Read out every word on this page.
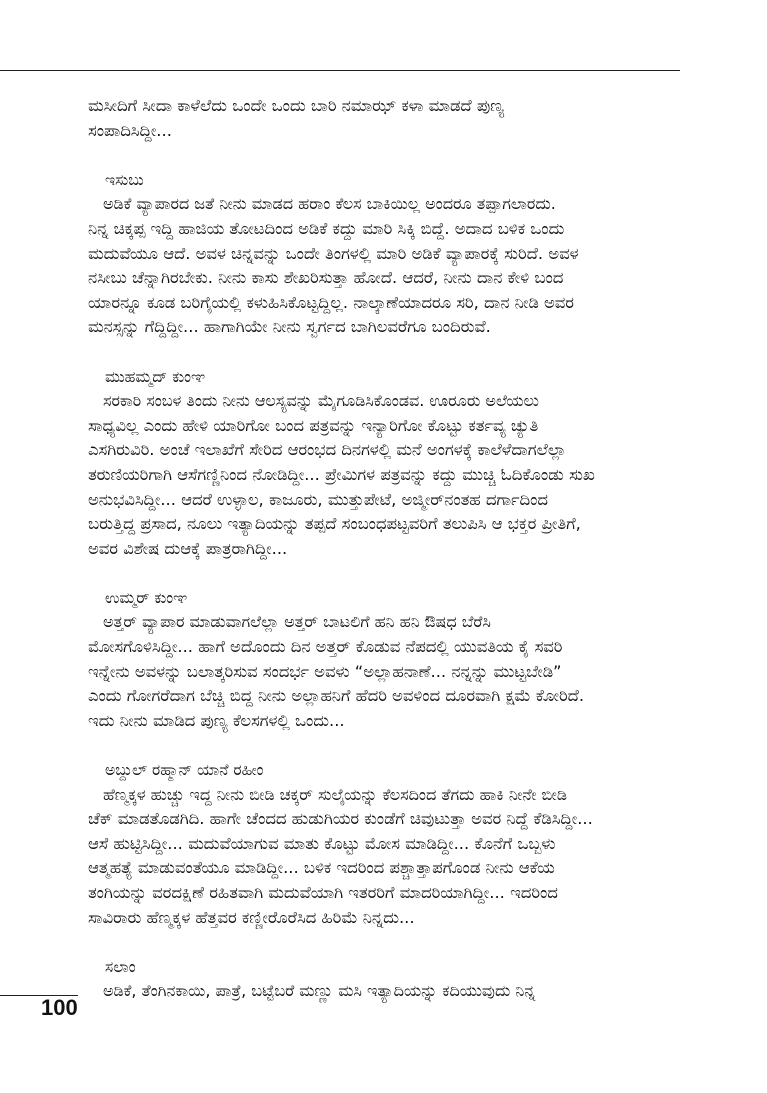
ಮಸೀದಿಗೆ ಸೀದಾ ಕಾಳೆಲೆದು ಒಂದೇ ಒಂದು ಬಾರಿ ನಮಾಝ್ ಕಳಾ ಮಾಡದೆ ಪುಣ್ಯ
ಸಂಪಾದಿಸಿದ್ದೀ...
ಇಸುಬು
ಅಡಿಕೆ ವ್ಯಾಪಾರದ ಜತೆ ನೀನು ಮಾಡದ ಹರಾಂ ಕೆಲಸ ಬಾಕಿಯಿಲ್ಲ ಅಂದರೂ ತಪ್ಪಾಗಲಾರದು.
ನಿನ್ನ ಚಿಕ್ಕಪ್ಪ ಇದ್ದಿ ಹಾಜಿಯ ತೋಟದಿಂದ ಅಡಿಕೆ ಕದ್ದು ಮಾರಿ ಸಿಕ್ಕಿ ಬಿದ್ದೆ. ಅದಾದ ಬಳಿಕ ಒಂದು
ಮದುವೆಯೂ ಆದೆ. ಅವಳ ಚಿನ್ನವನ್ನು ಒಂದೇ ತಿಂಗಳಲ್ಲಿ ಮಾರಿ ಅಡಿಕೆ ವ್ಯಾಪಾರಕ್ಕೆ ಸುರಿದೆ. ಅವಳ
ನಸೀಬು ಚೆನ್ನಾಗಿರಬೇಕು. ನೀನು ಕಾಸು ಶೇಖರಿಸುತ್ತಾ ಹೋದೆ. ಆದರೆ, ನೀನು ದಾನ ಕೇಳಿ ಬಂದ
ಯಾರನ್ನೂ ಕೂಡ ಬರಿಗೈಯಲ್ಲಿ ಕಳುಹಿಸಿಕೊಟ್ಟದ್ದಿಲ್ಲ. ನಾಲ್ಕಾಣೆಯಾದರೂ ಸರಿ, ದಾನ ನೀಡಿ ಅವರ
ಮನಸ್ಸನ್ನು ಗೆದ್ದಿದ್ದೀ... ಹಾಗಾಗಿಯೇ ನೀನು ಸ್ವರ್ಗದ ಬಾಗಿಲವರೆಗೂ ಬಂದಿರುವೆ.
ಮುಹಮ್ಮದ್ ಕುಂಞ
ಸರಕಾರಿ ಸಂಬಳ ತಿಂದು ನೀನು ಆಲಸ್ಯವನ್ನು ಮೈಗೂಡಿಸಿಕೊಂಡವ. ಊರೂರು ಅಲೆಯಲು
ಸಾಧ್ಯವಿಲ್ಲ ಎಂದು ಹೇಳಿ ಯಾರಿಗೋ ಬಂದ ಪತ್ರವನ್ನು ಇನ್ಯಾರಿಗೋ ಕೊಟ್ಟು ಕರ್ತವ್ಯ ಚ್ಯುತಿ
ಎಸಗಿರುವಿರಿ. ಅಂಚೆ ಇಲಾಖೆಗೆ ಸೇರಿದ ಆರಂಭದ ದಿನಗಳಲ್ಲಿ ಮನೆ ಅಂಗಳಕ್ಕೆ ಕಾಲೆಳೆದಾಗಲೆಲ್ಲಾ
ತರುಣಿಯರಿಗಾಗಿ ಆಸೆಗಣ್ಣಿನಿಂದ ನೋಡಿದ್ದೀ... ಪ್ರೇಮಿಗಳ ಪತ್ರವನ್ನು ಕದ್ದು ಮುಚ್ಚಿ ಓದಿಕೊಂಡು ಸುಖ
ಅನುಭವಿಸಿದ್ದೀ... ಆದರೆ ಉಳ್ಳಾಲ, ಕಾಜೂರು, ಮುತ್ತುಪೇಟೆ, ಅಜ್ಮೀರ್‌ನಂತಹ ದರ್ಗಾದಿಂದ
ಬರುತ್ತಿದ್ದ ಪ್ರಸಾದ, ನೂಲು ಇತ್ಯಾದಿಯನ್ನು ತಪ್ಪದೆ ಸಂಬಂಧಪಟ್ಟವರಿಗೆ ತಲುಪಿಸಿ ಆ ಭಕ್ತರ ಪ್ರೀತಿಗೆ,
ಅವರ ವಿಶೇಷ ದುಆಕ್ಕೆ ಪಾತ್ರರಾಗಿದ್ದೀ...
ಉಮ್ಮರ್ ಕುಂಞ
ಅತ್ತರ್ ವ್ಯಾಪಾರ ಮಾಡುವಾಗಲೆಲ್ಲಾ ಅತ್ತರ್ ಬಾಟಲಿಗೆ ಹನಿ ಹನಿ ಔಷಧ ಬೆರೆಸಿ
ಮೋಸಗೊಳಿಸಿದ್ದೀ... ಹಾಗೆ ಅದೊಂದು ದಿನ ಅತ್ತರ್ ಕೊಡುವ ನೆಪದಲ್ಲಿ ಯುವತಿಯ ಕೈ ಸವರಿ
ಇನ್ನೇನು ಅವಳನ್ನು ಬಲಾತ್ಕರಿಸುವ ಸಂದರ್ಭ ಅವಳು “ಅಲ್ಲಾಹನಾಣೆ... ನನ್ನನ್ನು ಮುಟ್ಟಬೇಡಿ”
ಎಂದು ಗೋಗರೆದಾಗ ಬೆಚ್ಚಿ ಬಿದ್ದ ನೀನು ಅಲ್ಲಾಹನಿಗೆ ಹೆದರಿ ಅವಳಿಂದ ದೂರವಾಗಿ ಕ್ಷಮೆ ಕೋರಿದೆ.
ಇದು ನೀನು ಮಾಡಿದ ಪುಣ್ಯ ಕೆಲಸಗಳಲ್ಲಿ ಒಂದು...
ಅಬ್ದುಲ್ ರಹ್ಮಾನ್ ಯಾನೆ ರಹೀಂ
ಹೆಣ್ಮಕ್ಕಳ ಹುಚ್ಚು ಇದ್ದ ನೀನು ಬೀಡಿ ಚಕ್ಕರ್ ಸುಲೈಯನ್ನು ಕೆಲಸದಿಂದ ತೆಗದು ಹಾಕಿ ನೀನೇ ಬೀಡಿ
ಚೆಕ್ ಮಾಡತೊಡಗಿದಿ. ಹಾಗೇ ಚೆಂದದ ಹುಡುಗಿಯರ ಕುಂಡೆಗೆ ಚಿವುಟುತ್ತಾ ಅವರ ನಿದ್ದೆ ಕೆಡಿಸಿದ್ದೀ...
ಆಸೆ ಹುಟ್ಟಿಸಿದ್ದೀ... ಮದುವೆಯಾಗುವ ಮಾತು ಕೊಟ್ಟು ಮೋಸ ಮಾಡಿದ್ದೀ... ಕೊನೆಗೆ ಒಬ್ಬಳು
ಆತ್ಮಹತ್ಯೆ ಮಾಡುವಂತೆಯೂ ಮಾಡಿದ್ದೀ... ಬಳಿಕ ಇದರಿಂದ ಪಶ್ಚಾತ್ತಾಪಗೊಂಡ ನೀನು ಆಕೆಯ
ತಂಗಿಯನ್ನು ವರದಕ್ಷಿಣೆ ರಹಿತವಾಗಿ ಮದುವೆಯಾಗಿ ಇತರರಿಗೆ ಮಾದರಿಯಾಗಿದ್ದೀ... ಇದರಿಂದ
ಸಾವಿರಾರು ಹೆಣ್ಮಕ್ಕಳ ಹೆತ್ತವರ ಕಣ್ಣೀರೊರೆಸಿದ ಹಿರಿಮೆ ನಿನ್ನದು...
ಸಲಾಂ
ಅಡಿಕೆ, ತೆಂಗಿನಕಾಯಿ, ಪಾತ್ರೆ, ಬಟ್ಟೆಬರೆ ಮಣ್ಣು ಮಸಿ ಇತ್ಯಾದಿಯನ್ನು ಕದಿಯುವುದು ನಿನ್ನ
100
